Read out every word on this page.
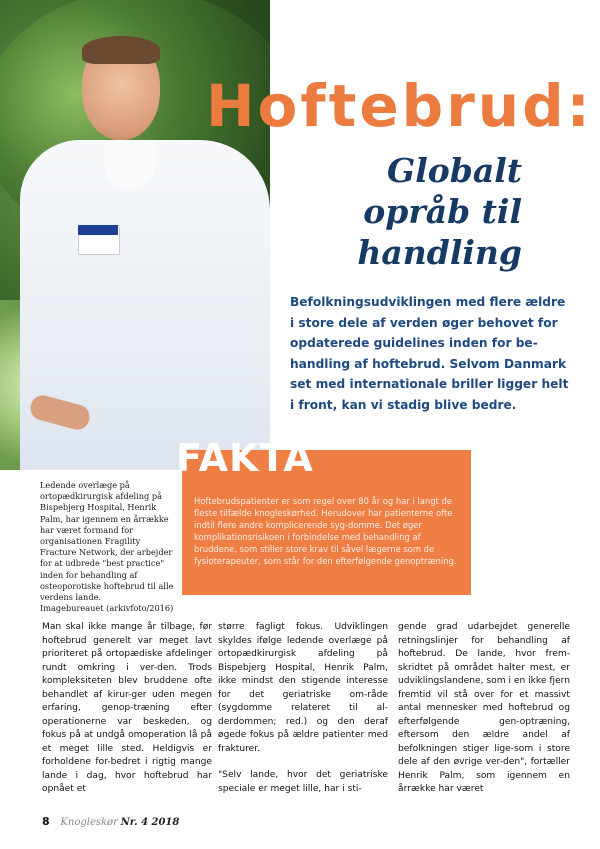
Hoftebrud:
Globalt
opråb til
handling

Befolkningsudviklingen med flere ældre
i store dele af verden øger behovet for
opdaterede guidelines inden for be-
handling af hoftebrud. Selvom Danmark
set med internationale briller ligger helt
i front, kan vi stadig blive bedre.

Ledende overlæge på ortopædkirurgisk afdeling på Bispebjerg Hospital, Henrik Palm, har igennem en årrække har været formand for organisationen Fragility Fracture Network, der arbejder for at udbrede "best practice" inden for behandling af osteoporotiske hoftebrud til alle verdens lande.

Imagebureauet (arkivfoto/2016)

FAKTA

Hoftebrudspatienter er som regel over 80 år og har i langt de fleste tilfælde knogleskørhed. Herudover har patienterne ofte indtil flere andre komplicerende syg-domme. Det øger komplikationsrisikoen i forbindelse med behandling af bruddene, som stiller store krav til såvel lægerne som de fysioterapeuter, som står for den efterfølgende genoptræning.

Man skal ikke mange år tilbage, før hoftebrud generelt var meget lavt prioriteret på ortopædiske afdelinger rundt omkring i ver-den. Trods kompleksiteten blev bruddene ofte behandlet af kirur-ger uden megen erfaring, genop-træning efter operationerne var beskeden, og fokus på at undgå omoperation lå på et meget lille sted. Heldigvis er forholdene for-bedret i rigtig mange lande i dag, hvor hoftebrud har opnået et

større fagligt fokus. Udviklingen skyldes ifølge ledende overlæge på ortopædkirurgisk afdeling på Bispebjerg Hospital, Henrik Palm, ikke mindst den stigende interesse for det geriatriske om-råde (sygdomme relateret til al-derdommen; red.) og den deraf øgede fokus på ældre patienter med frakturer.

"Selv lande, hvor det geriatriske speciale er meget lille, har i sti-

gende grad udarbejdet generelle retningslinjer for behandling af hoftebrud. De lande, hvor frem-skridtet på området halter mest, er udviklingslandene, som i en ikke fjern fremtid vil stå over for et massivt antal mennesker med hoftebrud og efterfølgende gen-optræning, eftersom den ældre andel af befolkningen stiger lige-som i store dele af den øvrige ver-den", fortæller Henrik Palm, som igennem en årrække har været

8 Knogleskør Nr. 4 2018
